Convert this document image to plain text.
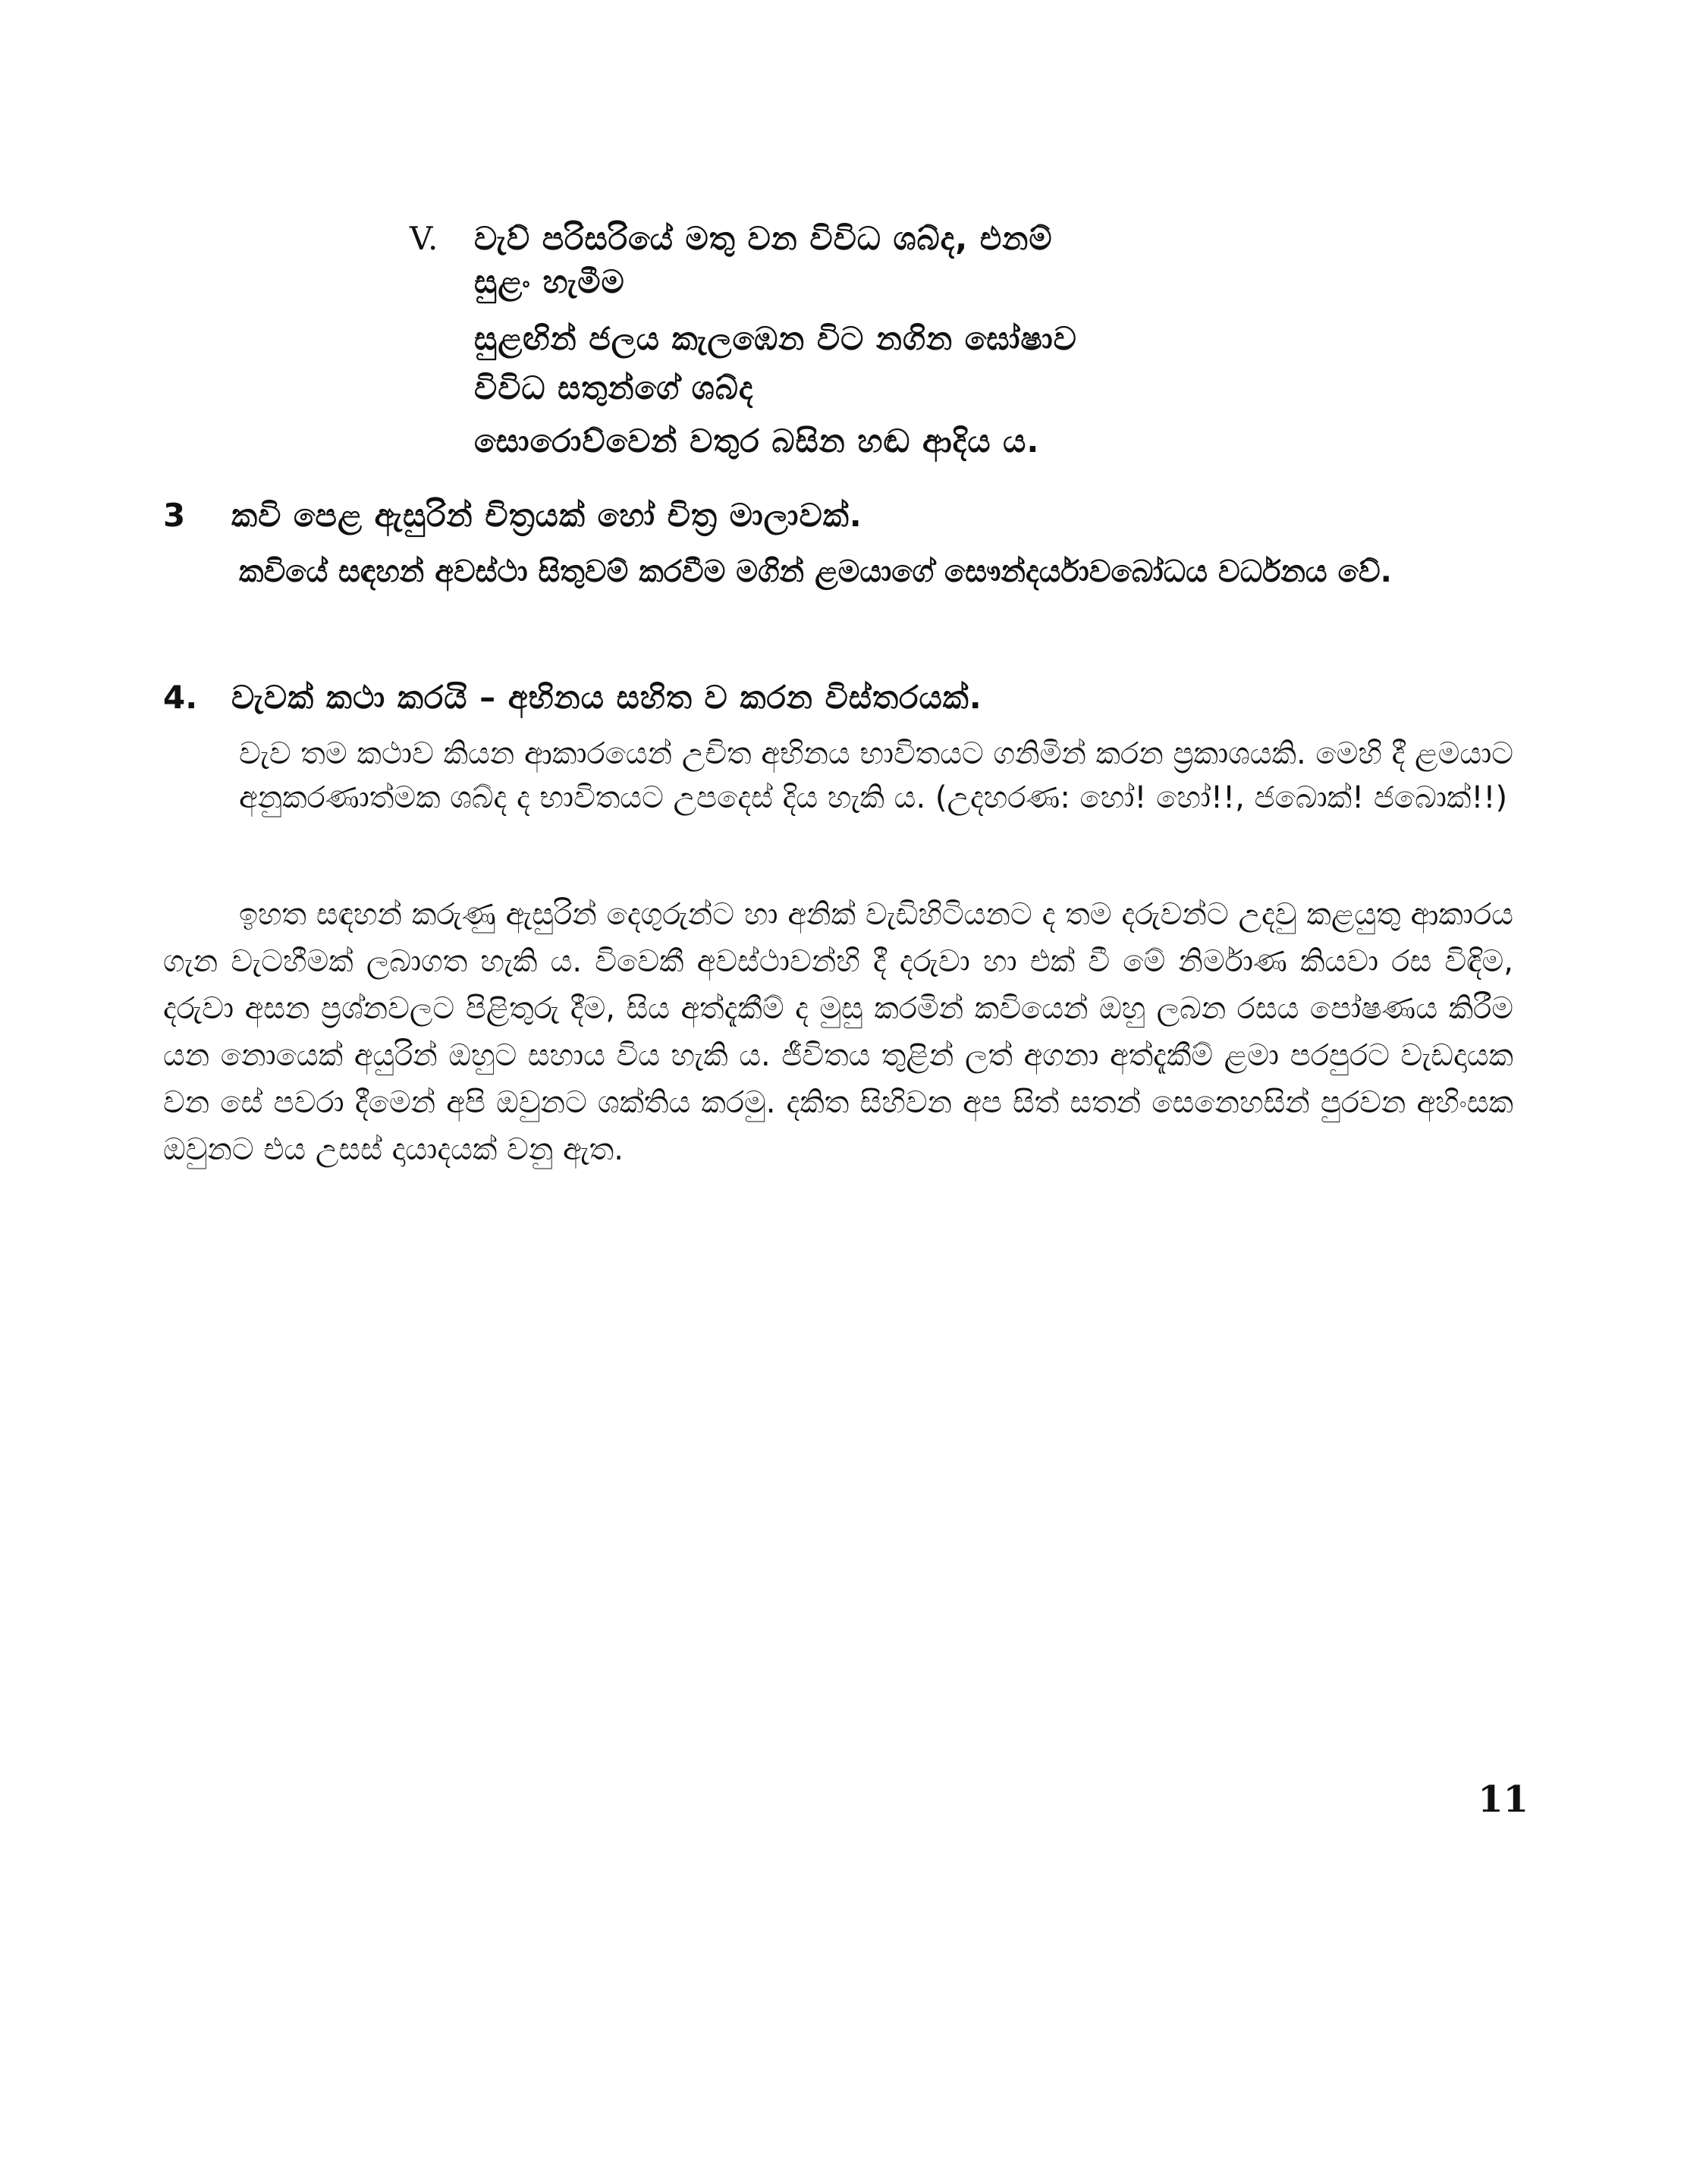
V. වැව් පරිසරියේ මතු වන විවිධ ශබ්ද, එනම්
සුළං හැමීම
සුළඟින් ජලය කැලඹෙන විට නගින ඝෝෂාව
විවිධ සතුන්ගේ ශබ්ද
සොරොව්වෙන් වතුර බසින හඬ ආදිය ය.
3 කවි පෙළ ඇසුරින් චිත්‍රයක් හෝ චිත්‍ර මාලාවක්.

කවියේ සඳහන් අවස්ථා සිතුවම් කරවීම මගින් ළමයාගේ සෞන්දර්යාවබෝධය වර්ධනය වේ.

4. වැවක් කථා කරයි – අභිනය සහිත ව කරන විස්තරයක්.

වැව තම කථාව කියන ආකාරයෙන් උචිත අභිනය භාවිතයට ගනිමින් කරන ප්‍රකාශයකි. මෙහි දී ළමයාට අනුකරණාත්මක ශබ්ද ද භාවිතයට උපදෙස් දිය හැකි ය. (උදහරණ: හෝ! හෝ!!, ජබොක්! ජබොක්!!)

ඉහත සඳහන් කරුණු ඇසුරින් දෙගුරුන්ට හා අනික් වැඩිහිටියනට ද තම දරුවන්ට උදවු කළයුතු ආකාරය ගැන වැටහීමක් ලබාගත හැකි ය. විවෙකී අවස්ථාවන්හි දී දරුවා හා එක් වී මේ නිර්මාණ කියවා රස විඳිම, දරුවා අසන ප්‍රශ්නවලට පිළිතුරු දීම, සිය අත්දැකීම් ද මුසු කරමින් කවියෙන් ඔහු ලබන රසය පෝෂණය කිරීම යන නොයෙක් අයුරින් ඔහුට සහාය විය හැකි ය. ජීවිතය තුළින් ලත් අගනා අත්දැකීම් ළමා පරපුරට වැඩදායක වන සේ පවරා දීමෙන් අපි ඔවුනට ශක්තිය කරමු. දකිත සිහිවන අප සිත් සතන් සෙනෙහසින් පුරවන අහිංසක ඔවුනට එය උසස් දායාදයක් වනු ඇත.

11
